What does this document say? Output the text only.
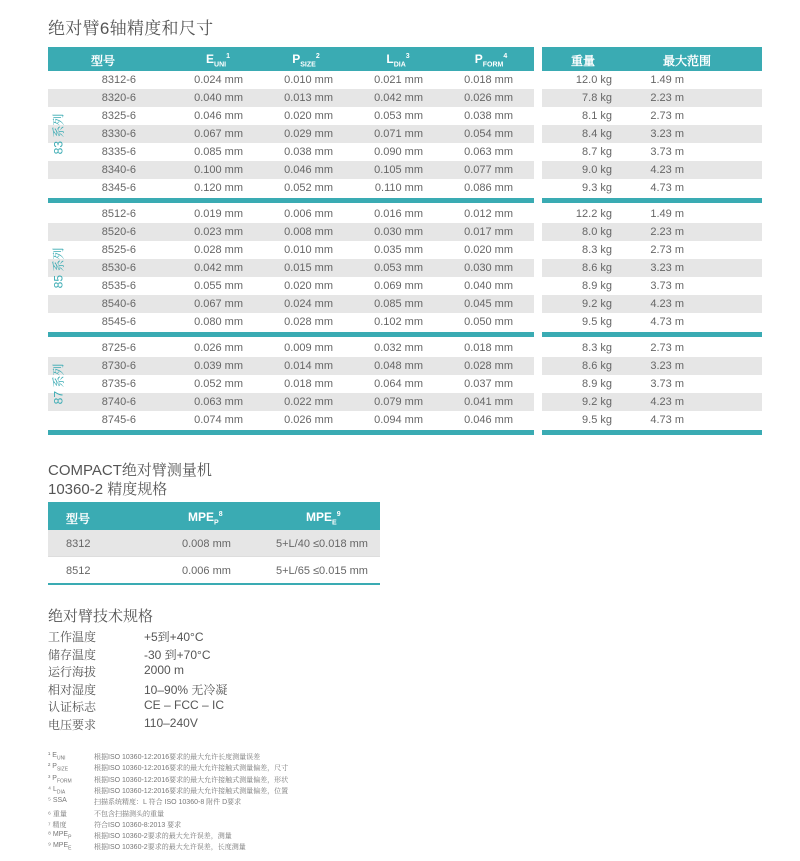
绝对臂6轴精度和尺寸
型号	$E_{UNI}^1$	$P_{SIZE}^2$	$L_{DIA}^3$	$P_{FORM}^4$	重量	最大范围
8312-6	0.024 mm	0.010 mm	0.021 mm	0.018 mm	12.0 kg	1.49 m
8320-6	0.040 mm	0.013 mm	0.042 mm	0.026 mm	7.8 kg	2.23 m
8325-6	0.046 mm	0.020 mm	0.053 mm	0.038 mm	8.1 kg	2.73 m
8330-6	0.067 mm	0.029 mm	0.071 mm	0.054 mm	8.4 kg	3.23 m
8335-6	0.085 mm	0.038 mm	0.090 mm	0.063 mm	8.7 kg	3.73 m
8340-6	0.100 mm	0.046 mm	0.105 mm	0.077 mm	9.0 kg	4.23 m
8345-6	0.120 mm	0.052 mm	0.110 mm	0.086 mm	9.3 kg	4.73 m
83 系列
8512-6	0.019 mm	0.006 mm	0.016 mm	0.012 mm	12.2 kg	1.49 m
8520-6	0.023 mm	0.008 mm	0.030 mm	0.017 mm	8.0 kg	2.23 m
8525-6	0.028 mm	0.010 mm	0.035 mm	0.020 mm	8.3 kg	2.73 m
8530-6	0.042 mm	0.015 mm	0.053 mm	0.030 mm	8.6 kg	3.23 m
8535-6	0.055 mm	0.020 mm	0.069 mm	0.040 mm	8.9 kg	3.73 m
8540-6	0.067 mm	0.024 mm	0.085 mm	0.045 mm	9.2 kg	4.23 m
8545-6	0.080 mm	0.028 mm	0.102 mm	0.050 mm	9.5 kg	4.73 m
85 系列
8725-6	0.026 mm	0.009 mm	0.032 mm	0.018 mm	8.3 kg	2.73 m
8730-6	0.039 mm	0.014 mm	0.048 mm	0.028 mm	8.6 kg	3.23 m
8735-6	0.052 mm	0.018 mm	0.064 mm	0.037 mm	8.9 kg	3.73 m
8740-6	0.063 mm	0.022 mm	0.079 mm	0.041 mm	9.2 kg	4.23 m
8745-6	0.074 mm	0.026 mm	0.094 mm	0.046 mm	9.5 kg	4.73 m
87 系列
COMPACT绝对臂测量机
10360-2 精度规格
型号	$MPE_P^8$	$MPE_E^9$
8312	0.008 mm	5+L/40 ≤0.018 mm
8512	0.006 mm	5+L/65 ≤0.015 mm
绝对臂技术规格
工作温度	+5到+40°C
储存温度	-30 到+70°C
运行海拔	2000 m
相对湿度	10–90% 无冷凝
认证标志	CE – FCC – IC
电压要求	110–240V
¹ $E_{UNI}$	根据ISO 10360-12:2016要求的最大允许长度测量误差
² $P_{SIZE}$	根据ISO 10360-12:2016要求的最大允许接触式测量偏差，尺寸
³ $P_{FORM}$	根据ISO 10360-12:2016要求的最大允许接触式测量偏差，形状
⁴ $L_{DIA}$	根据ISO 10360-12:2016要求的最大允许接触式测量偏差，位置
⁵ SSA	扫描系统精度：L 符合 ISO 10360-8 附件 D要求
⁶ 重量	不包含扫描测头的重量
⁷ 精度	符合ISO 10360-8:2013 要求
⁸ $MPE_P$	根据ISO 10360-2要求的最大允许误差，测量
⁹ $MPE_E$	根据ISO 10360-2要求的最大允许误差，长度测量
